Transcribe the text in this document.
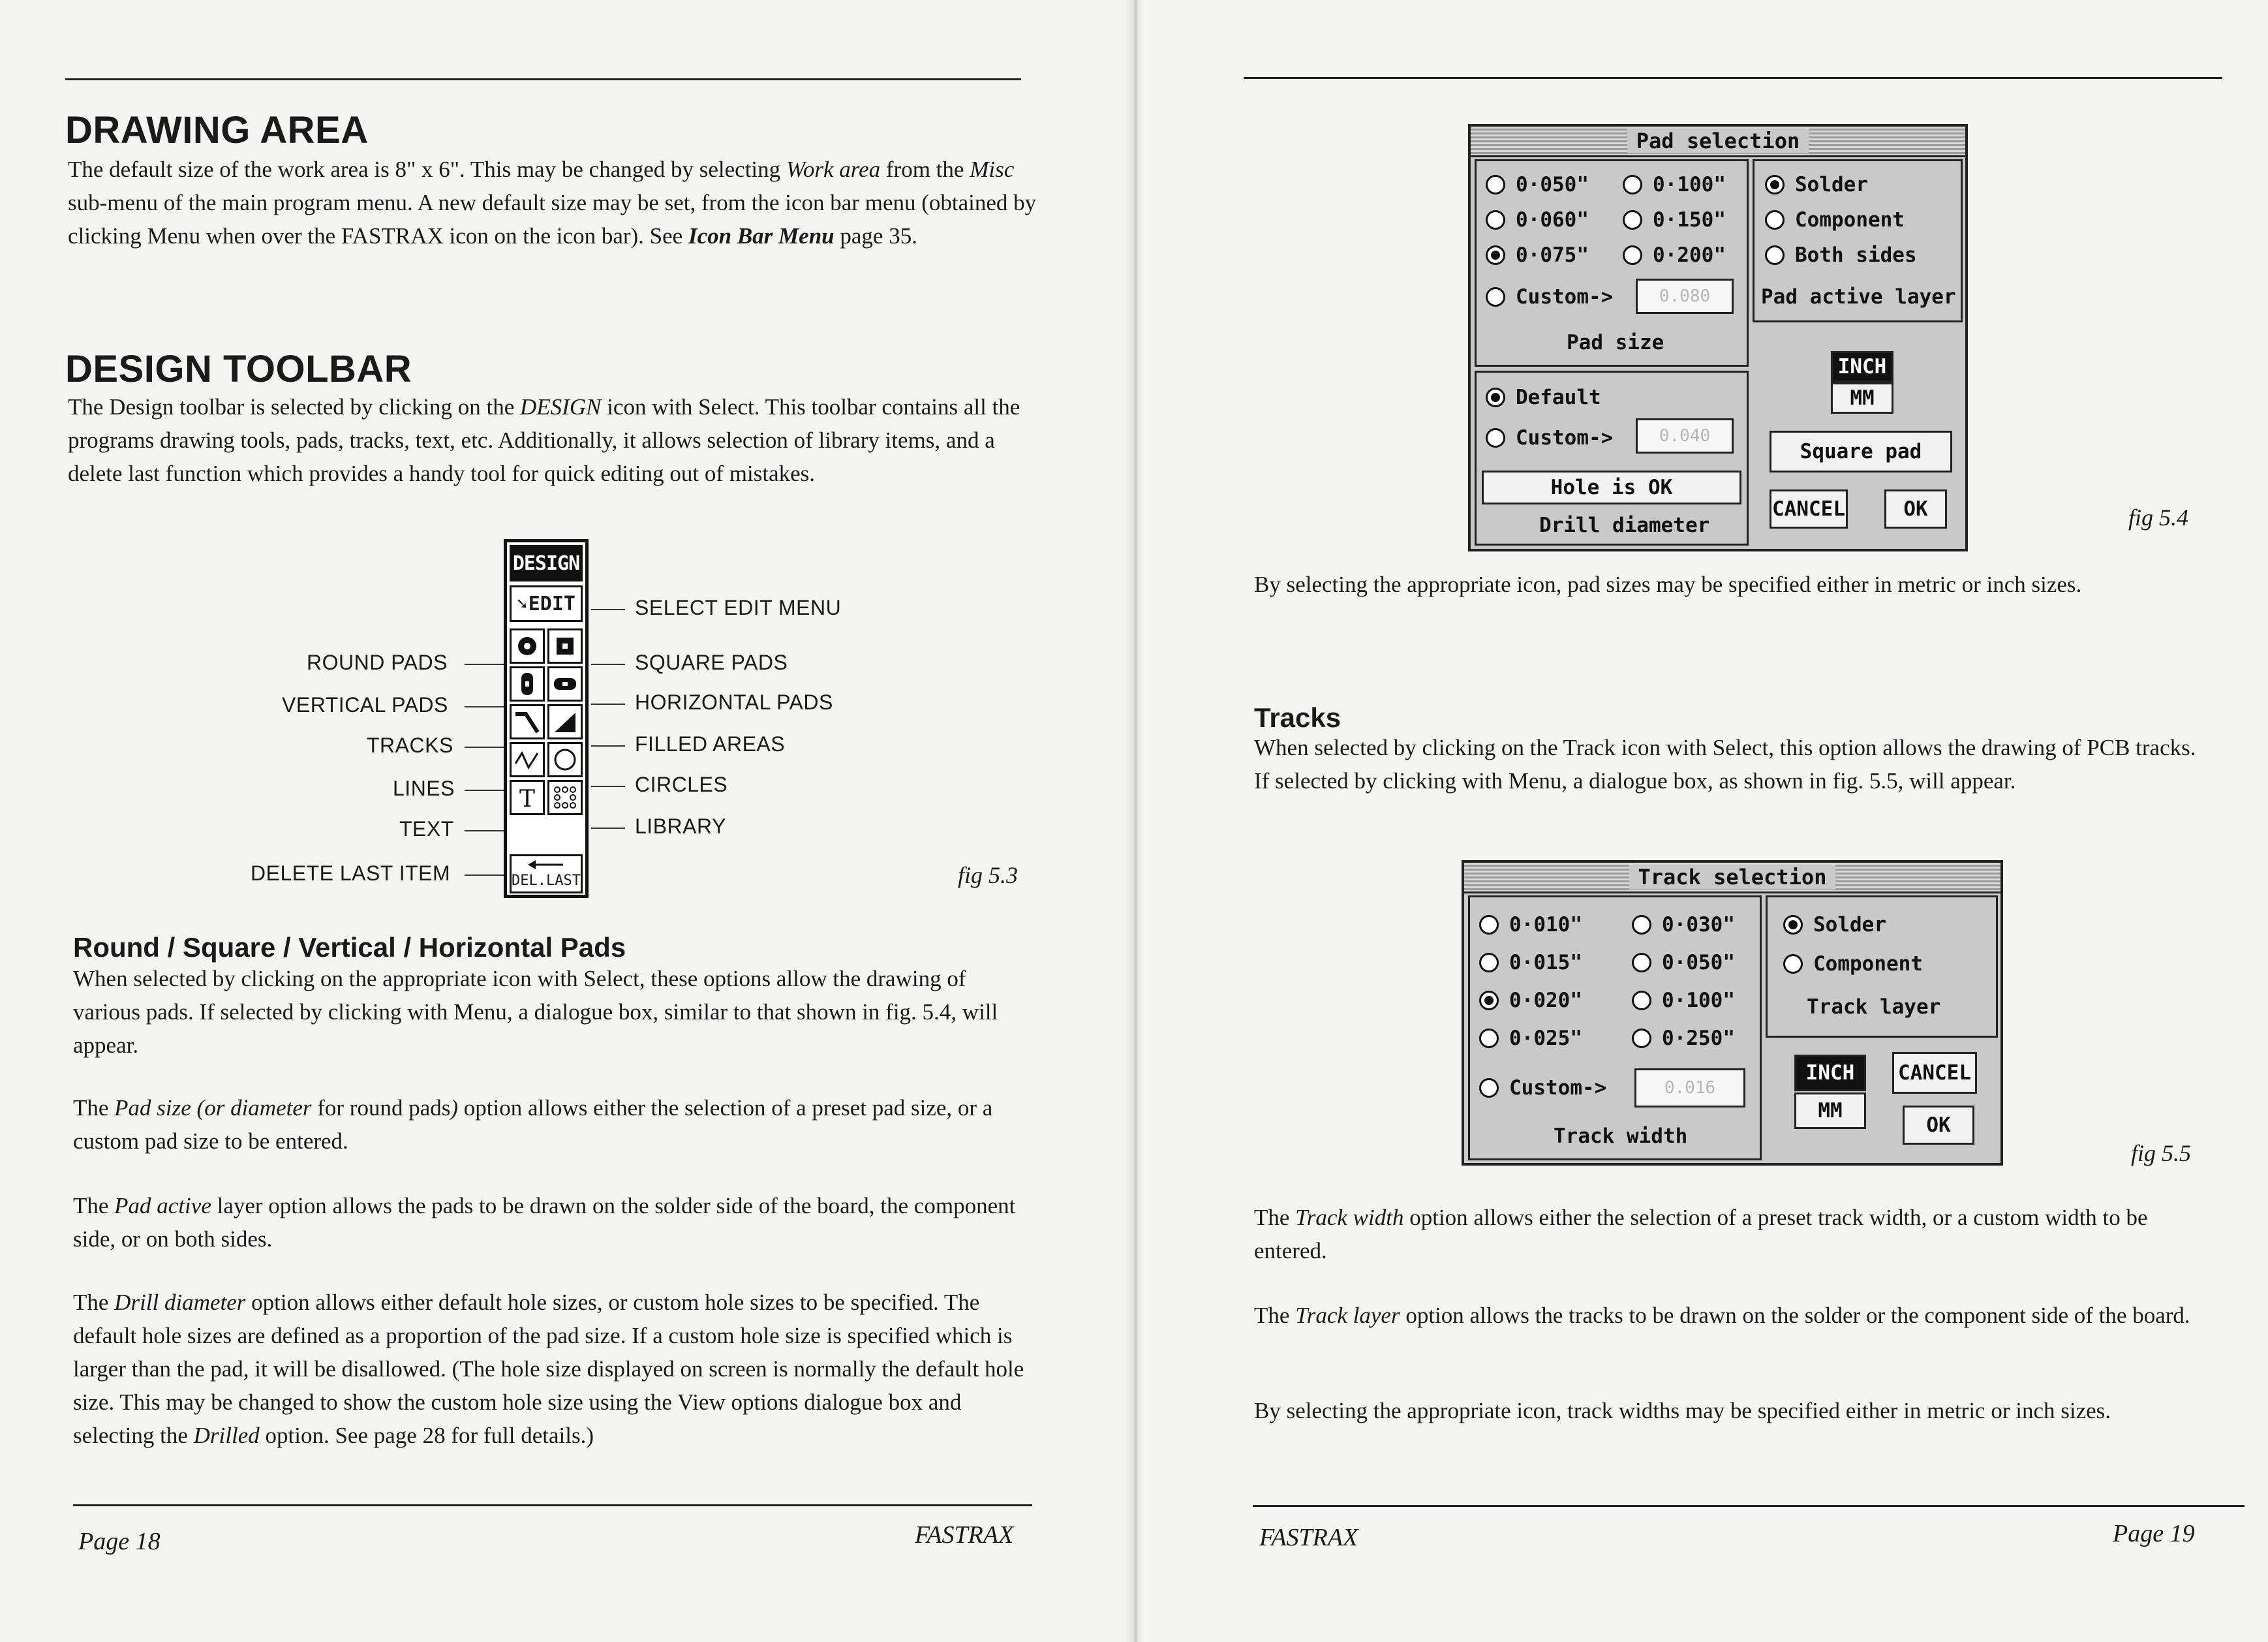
DRAWING AREA

The default size of the work area is 8" x 6". This may be changed by selecting Work area from the Misc sub-menu of the main program menu. A new default size may be set, from the icon bar menu (obtained by clicking Menu when over the FASTRAX icon on the icon bar). See Icon Bar Menu page 35.

DESIGN TOOLBAR

The Design toolbar is selected by clicking on the DESIGN icon with Select. This toolbar contains all the programs drawing tools, pads, tracks, text, etc. Additionally, it allows selection of library items, and a delete last function which provides a handy tool for quick editing out of mistakes.

DESIGN
➘ EDIT
T
DEL.LAST
SELECT EDIT MENU
ROUND PADS	SQUARE PADS
VERTICAL PADS	HORIZONTAL PADS
TRACKS	FILLED AREAS
LINES	CIRCLES
TEXT	LIBRARY
DELETE LAST ITEM	fig 5.3
Round / Square / Vertical / Horizontal Pads

When selected by clicking on the appropriate icon with Select, these options allow the drawing of various pads. If selected by clicking with Menu, a dialogue box, similar to that shown in fig. 5.4, will appear.

The Pad size (or diameter for round pads) option allows either the selection of a preset pad size, or a custom pad size to be entered.

The Pad active layer option allows the pads to be drawn on the solder side of the board, the component side, or on both sides.

The Drill diameter option allows either default hole sizes, or custom hole sizes to be specified. The default hole sizes are defined as a proportion of the pad size. If a custom hole size is specified which is larger than the pad, it will be disallowed. (The hole size displayed on screen is normally the default hole size. This may be changed to show the custom hole size using the View options dialogue box and selecting the Drilled option. See page 28 for full details.)

Page 18	FASTRAX
Pad selection
0·050"	0·100"
0·060"	0·150"
0·075"	0·200"
Custom->	0.080
Pad size
Default
Custom->	0.040
Hole is OK
Drill diameter
Solder
Component
Both sides
Pad active layer
INCH
MM
Square pad
CANCEL	OK	fig 5.4

By selecting the appropriate icon, pad sizes may be specified either in metric or inch sizes.

Tracks

When selected by clicking on the Track icon with Select, this option allows the drawing of PCB tracks. If selected by clicking with Menu, a dialogue box, as shown in fig. 5.5, will appear.

Track selection
0·010"	0·030"
0·015"	0·050"
0·020"	0·100"
0·025"	0·250"
Custom->	0.016
Track width
Solder
Component
Track layer
INCH
MM
CANCEL
OK
fig 5.5

The Track width option allows either the selection of a preset track width, or a custom width to be entered.

The Track layer option allows the tracks to be drawn on the solder or the component side of the board.

By selecting the appropriate icon, track widths may be specified either in metric or inch sizes.

FASTRAX	Page 19
